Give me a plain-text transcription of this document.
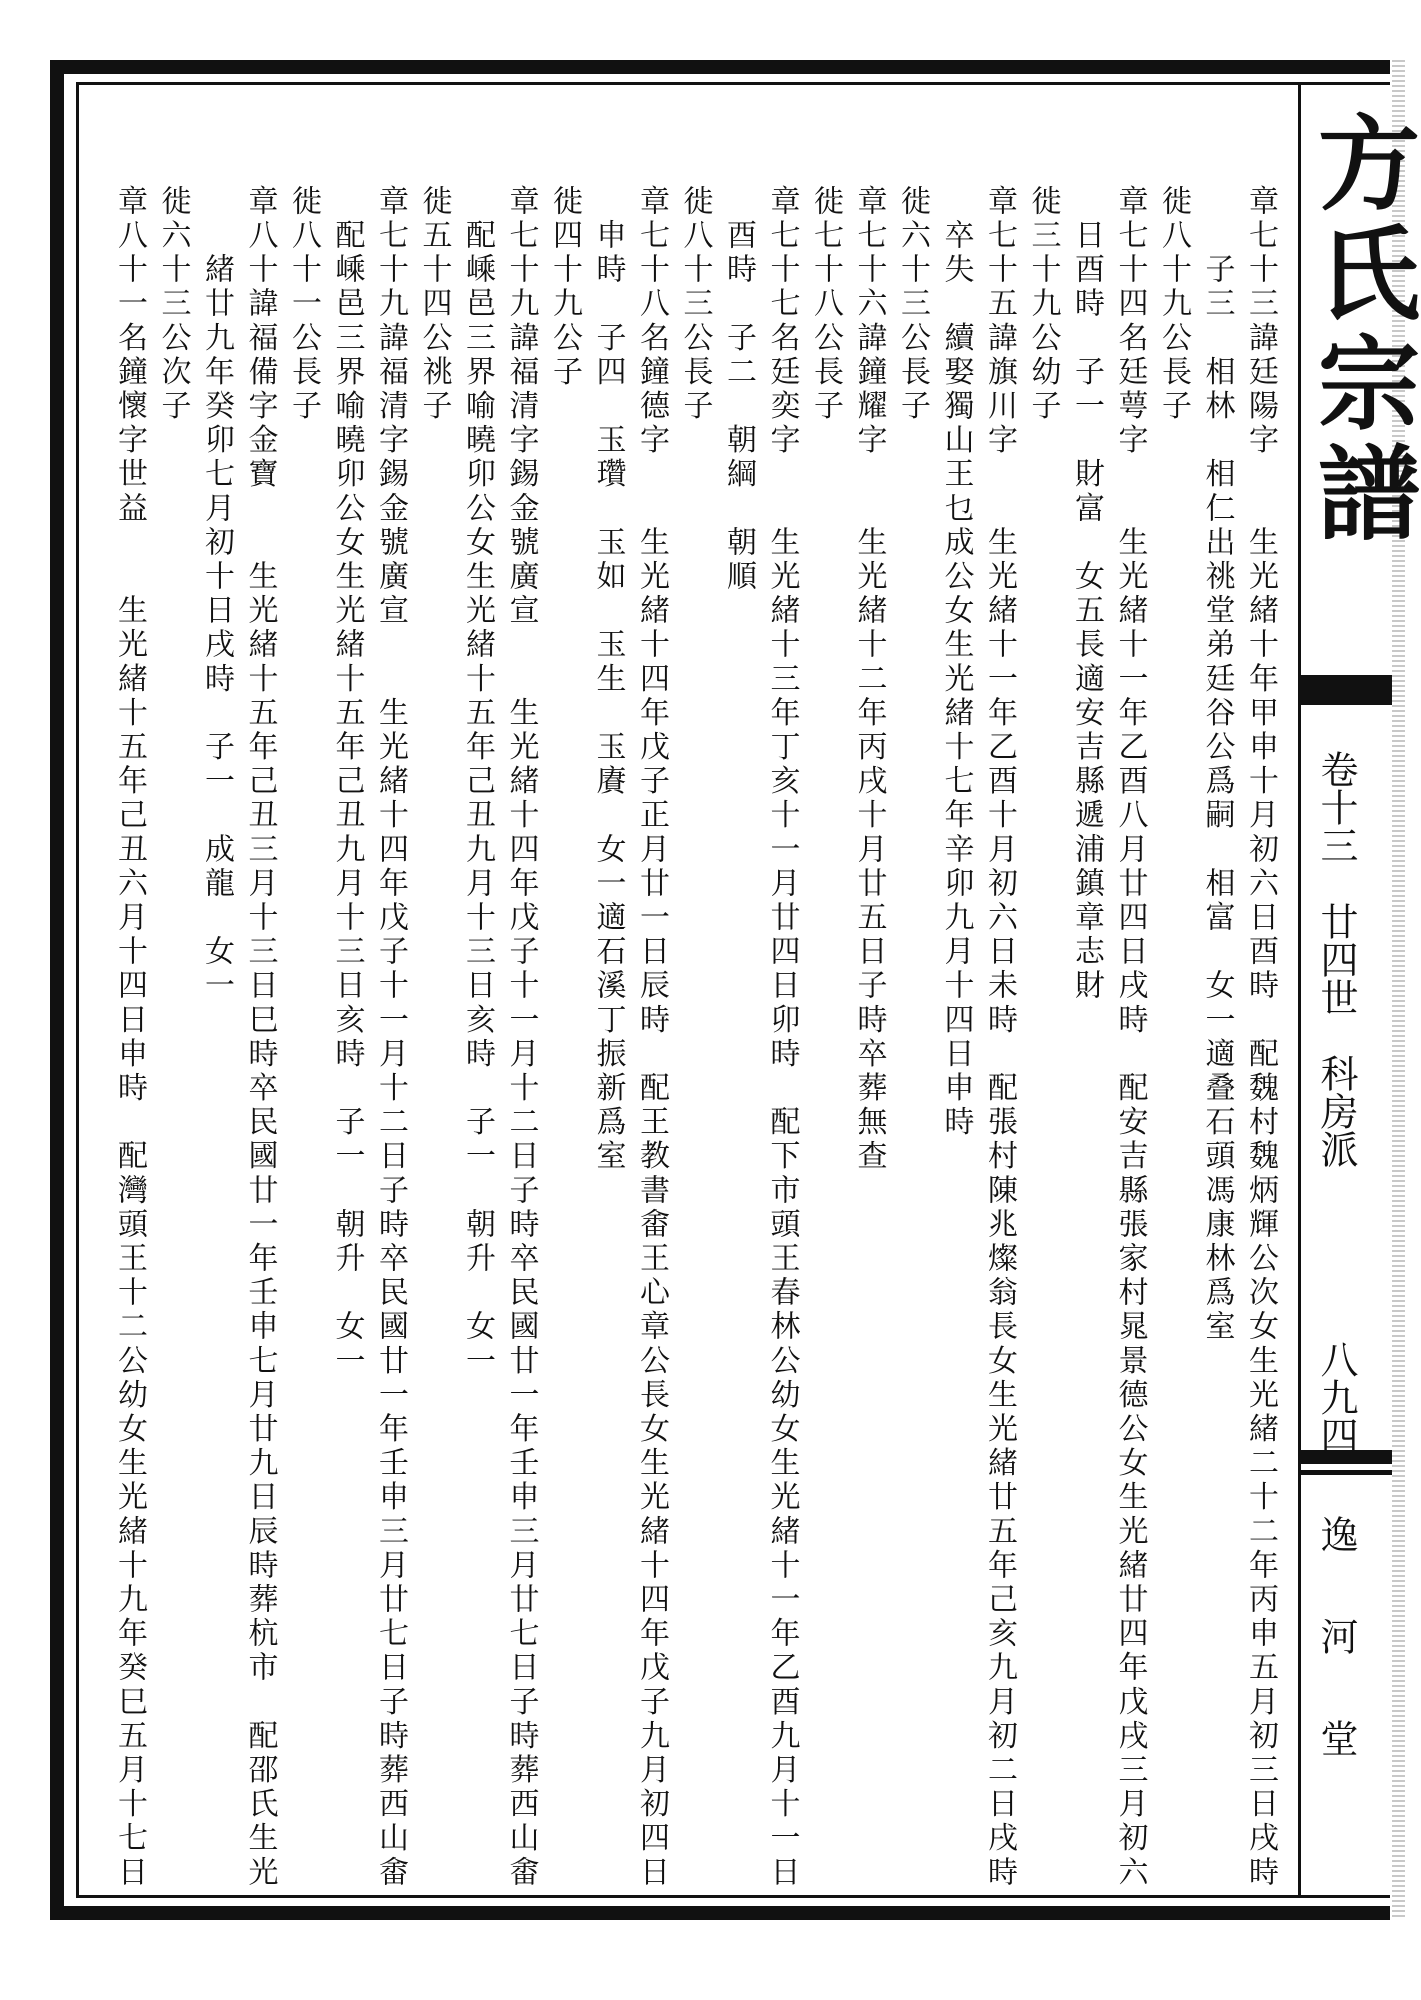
方氏宗譜
卷十三　廿四世　科房派
八九四
逸河堂
章七十三諱廷陽字　　生光緒十年甲申十月初六日酉時　配魏村魏炳輝公次女生光緒二十二年丙申五月初三日戌時
　　子三　相林　相仁出祧堂弟廷谷公爲嗣　相富　女一適叠石頭馮康林爲室
徙八十九公長子
章七十四名廷萼字　　生光緒十一年乙酉八月廿四日戌時　配安吉縣張家村晁景德公女生光緒廿四年戊戌三月初六
　日酉時　子一　財富　女五長適安吉縣遞浦鎮章志財
徙三十九公幼子
章七十五諱旗川字　　生光緒十一年乙酉十月初六日未時　配張村陳兆燦翁長女生光緒廿五年己亥九月初二日戌時
　卒失　續娶獨山王乜成公女生光緒十七年辛卯九月十四日申時
徙六十三公長子
章七十六諱鐘耀字　　生光緒十二年丙戌十月廿五日子時卒葬無查
徙七十八公長子
章七十七名廷奕字　　生光緒十三年丁亥十一月廿四日卯時　配下市頭王春林公幼女生光緒十一年乙酉九月十一日
　酉時　子二　朝綱　朝順
徙八十三公長子
章七十八名鐘德字　　生光緒十四年戊子正月廿一日辰時　配王教書畬王心章公長女生光緒十四年戊子九月初四日
　申時　子四　玉瓚　玉如　玉生　玉賡　女一適石溪丁振新爲室
徙四十九公子
章七十九諱福清字錫金號廣宣　　生光緒十四年戊子十一月十二日子時卒民國廿一年壬申三月廿七日子時葬西山畬
　配嵊邑三界喻曉卯公女生光緒十五年己丑九月十三日亥時　子一　朝升　女一
徙五十四公祧子
章七十九諱福清字錫金號廣宣　　生光緒十四年戊子十一月十二日子時卒民國廿一年壬申三月廿七日子時葬西山畬
　配嵊邑三界喻曉卯公女生光緒十五年己丑九月十三日亥時　子一　朝升　女一
徙八十一公長子
章八十諱福備字金寶　　生光緒十五年己丑三月十三日巳時卒民國廿一年壬申七月廿九日辰時葬杭市　配邵氏生光
　　緒廿九年癸卯七月初十日戌時　子一　成龍　女一
徙六十三公次子
章八十一名鐘懷字世益　　生光緒十五年己丑六月十四日申時　配灣頭王十二公幼女生光緒十九年癸巳五月十七日
